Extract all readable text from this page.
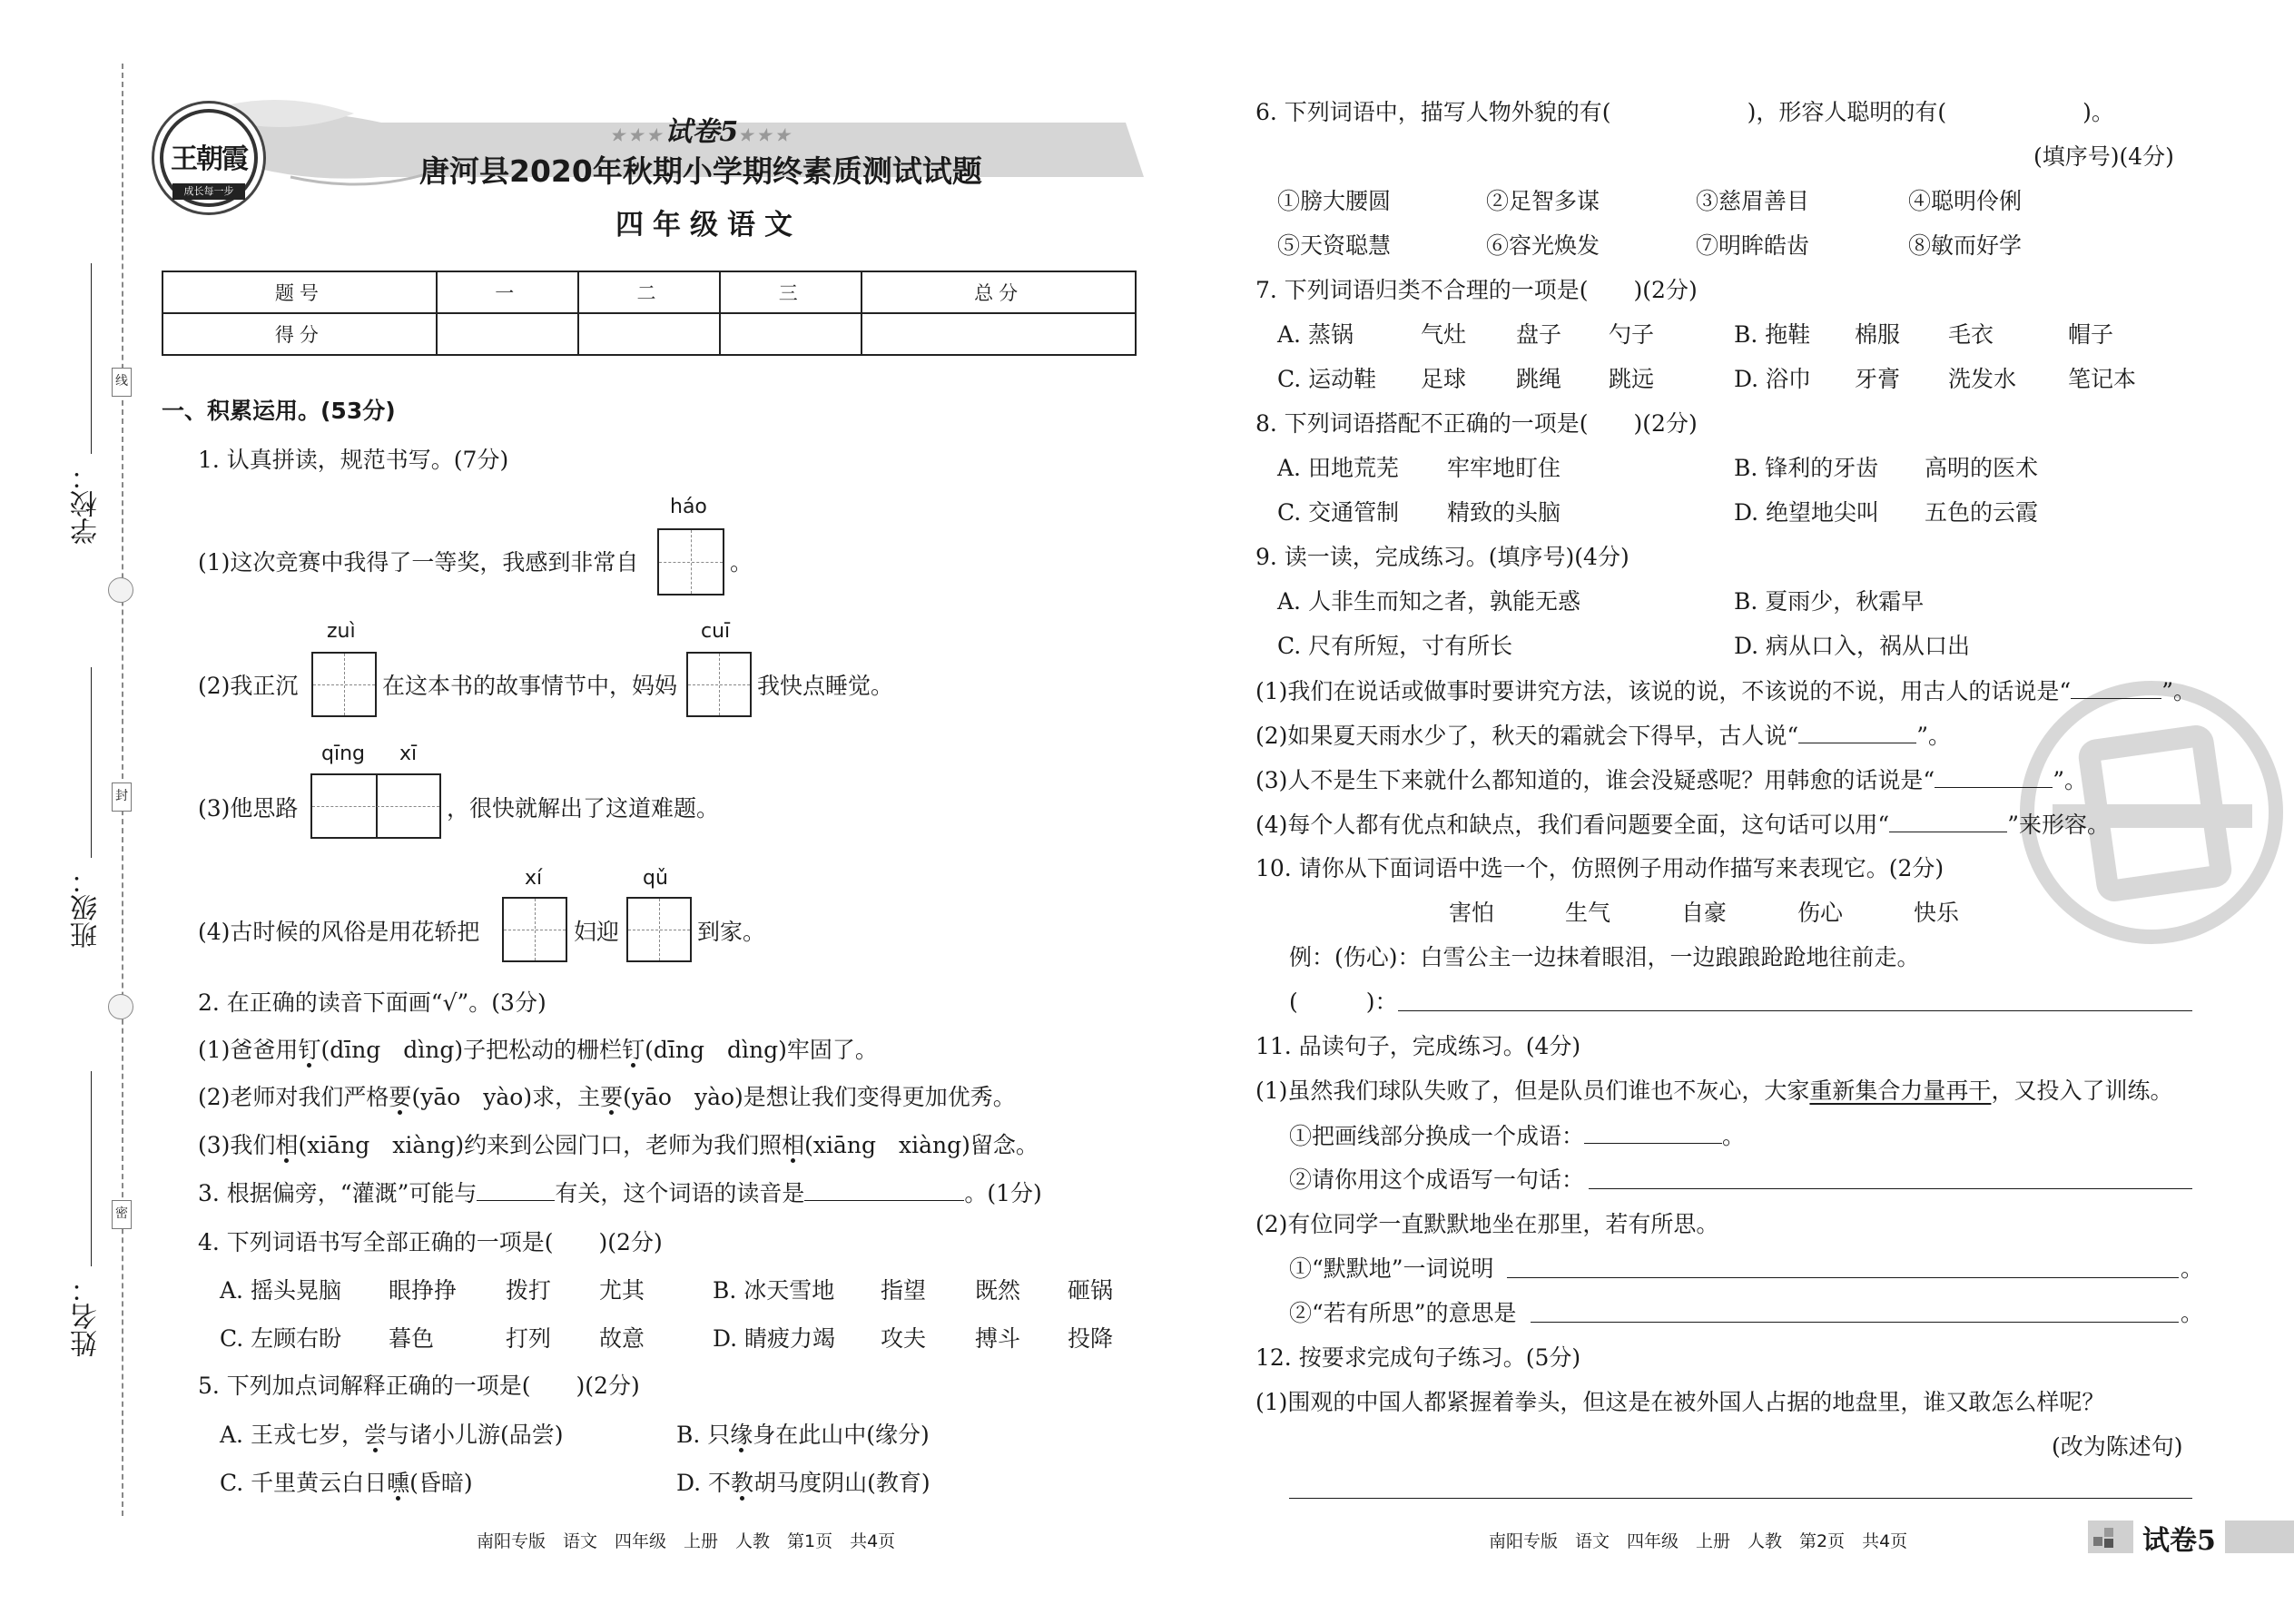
线
封
密
学校：
班级：
姓名：
王朝霞
成长每一步
★★★试卷5★★★
唐河县2020年秋期小学期终素质测试试题
四年级语文
题号	一	二	三	总分
得分				
一、积累运用。(53分)
1. 认真拼读，规范书写。(7分)
háo
(1)这次竞赛中我得了一等奖，我感到非常自	。
zuì	cuī
(2)我正沉	在这本书的故事情节中，妈妈	我快点睡觉。
qīng xī
(3)他思路	，很快就解出了这道难题。
xí	qǔ
(4)古时候的风俗是用花轿把	妇迎	到家。
2. 在正确的读音下面画“√”。(3分)
(1)爸爸用钉(dīng　dìng)子把松动的栅栏钉(dīng　dìng)牢固了。
(2)老师对我们严格要(yāo　yào)求，主要(yāo　yào)是想让我们变得更加优秀。
(3)我们相(xiāng　xiàng)约来到公园门口，老师为我们照相(xiāng　xiàng)留念。
3. 根据偏旁，“灌溉”可能与	有关，这个词语的读音是	。(1分)
4. 下列词语书写全部正确的一项是(　　)(2分)
A. 摇头晃脑 眼挣挣 拨打 尤其	B. 冰天雪地 指望 既然 砸锅
C. 左顾右盼 暮色	打列 故意	D. 睛疲力竭 攻夫 搏斗 投降
5. 下列加点词解释正确的一项是(　　)(2分)
A. 王戎七岁，尝与诸小儿游(品尝)	B. 只缘身在此山中(缘分)
C. 千里黄云白日曛(昏暗)	D. 不教胡马度阴山(教育)
6. 下列词语中，描写人物外貌的有(	)，形容人聪明的有(	)。
(填序号)(4分)
①膀大腰圆	②足智多谋	③慈眉善目	④聪明伶俐
⑤天资聪慧	⑥容光焕发	⑦明眸皓齿	⑧敏而好学
7. 下列词语归类不合理的一项是(　　)(2分)
A. 蒸锅	气灶 盘子 勺子	B. 拖鞋 棉服 毛衣	帽子
C. 运动鞋 足球 跳绳 跳远	D. 浴巾 牙膏 洗发水 笔记本
8. 下列词语搭配不正确的一项是(　　)(2分)
A. 田地荒芜 牢牢地盯住	B. 锋利的牙齿 高明的医术
C. 交通管制 精致的头脑	D. 绝望地尖叫 五色的云霞
9. 读一读，完成练习。(填序号)(4分)
A. 人非生而知之者，孰能无惑	B. 夏雨少，秋霜早
C. 尺有所短，寸有所长	D. 病从口入，祸从口出
(1)我们在说话或做事时要讲究方法，该说的说，不该说的不说，用古人的话说是“	”。
(2)如果夏天雨水少了，秋天的霜就会下得早，古人说“	”。
(3)人不是生下来就什么都知道的，谁会没疑惑呢？用韩愈的话说是“	”。
(4)每个人都有优点和缺点，我们看问题要全面，这句话可以用“	”来形容。
10. 请你从下面词语中选一个，仿照例子用动作描写来表现它。(2分)
害怕	生气	自豪	伤心	快乐
例：(伤心)：白雪公主一边抹着眼泪，一边踉踉跄跄地往前走。
(　　　)：
11. 品读句子，完成练习。(4分)
(1)虽然我们球队失败了，但是队员们谁也不灰心，大家重新集合力量再干，又投入了训练。
①把画线部分换成一个成语：	。
②请你用这个成语写一句话：
(2)有位同学一直默默地坐在那里，若有所思。
①“默默地”一词说明	。
②“若有所思”的意思是	。
12. 按要求完成句子练习。(5分)
(1)围观的中国人都紧握着拳头，但这是在被外国人占据的地盘里，谁又敢怎么样呢？
(改为陈述句)
南阳专版　语文　四年级　上册　人教　第1页　共4页	南阳专版　语文　四年级　上册　人教　第2页　共4页	试卷5
